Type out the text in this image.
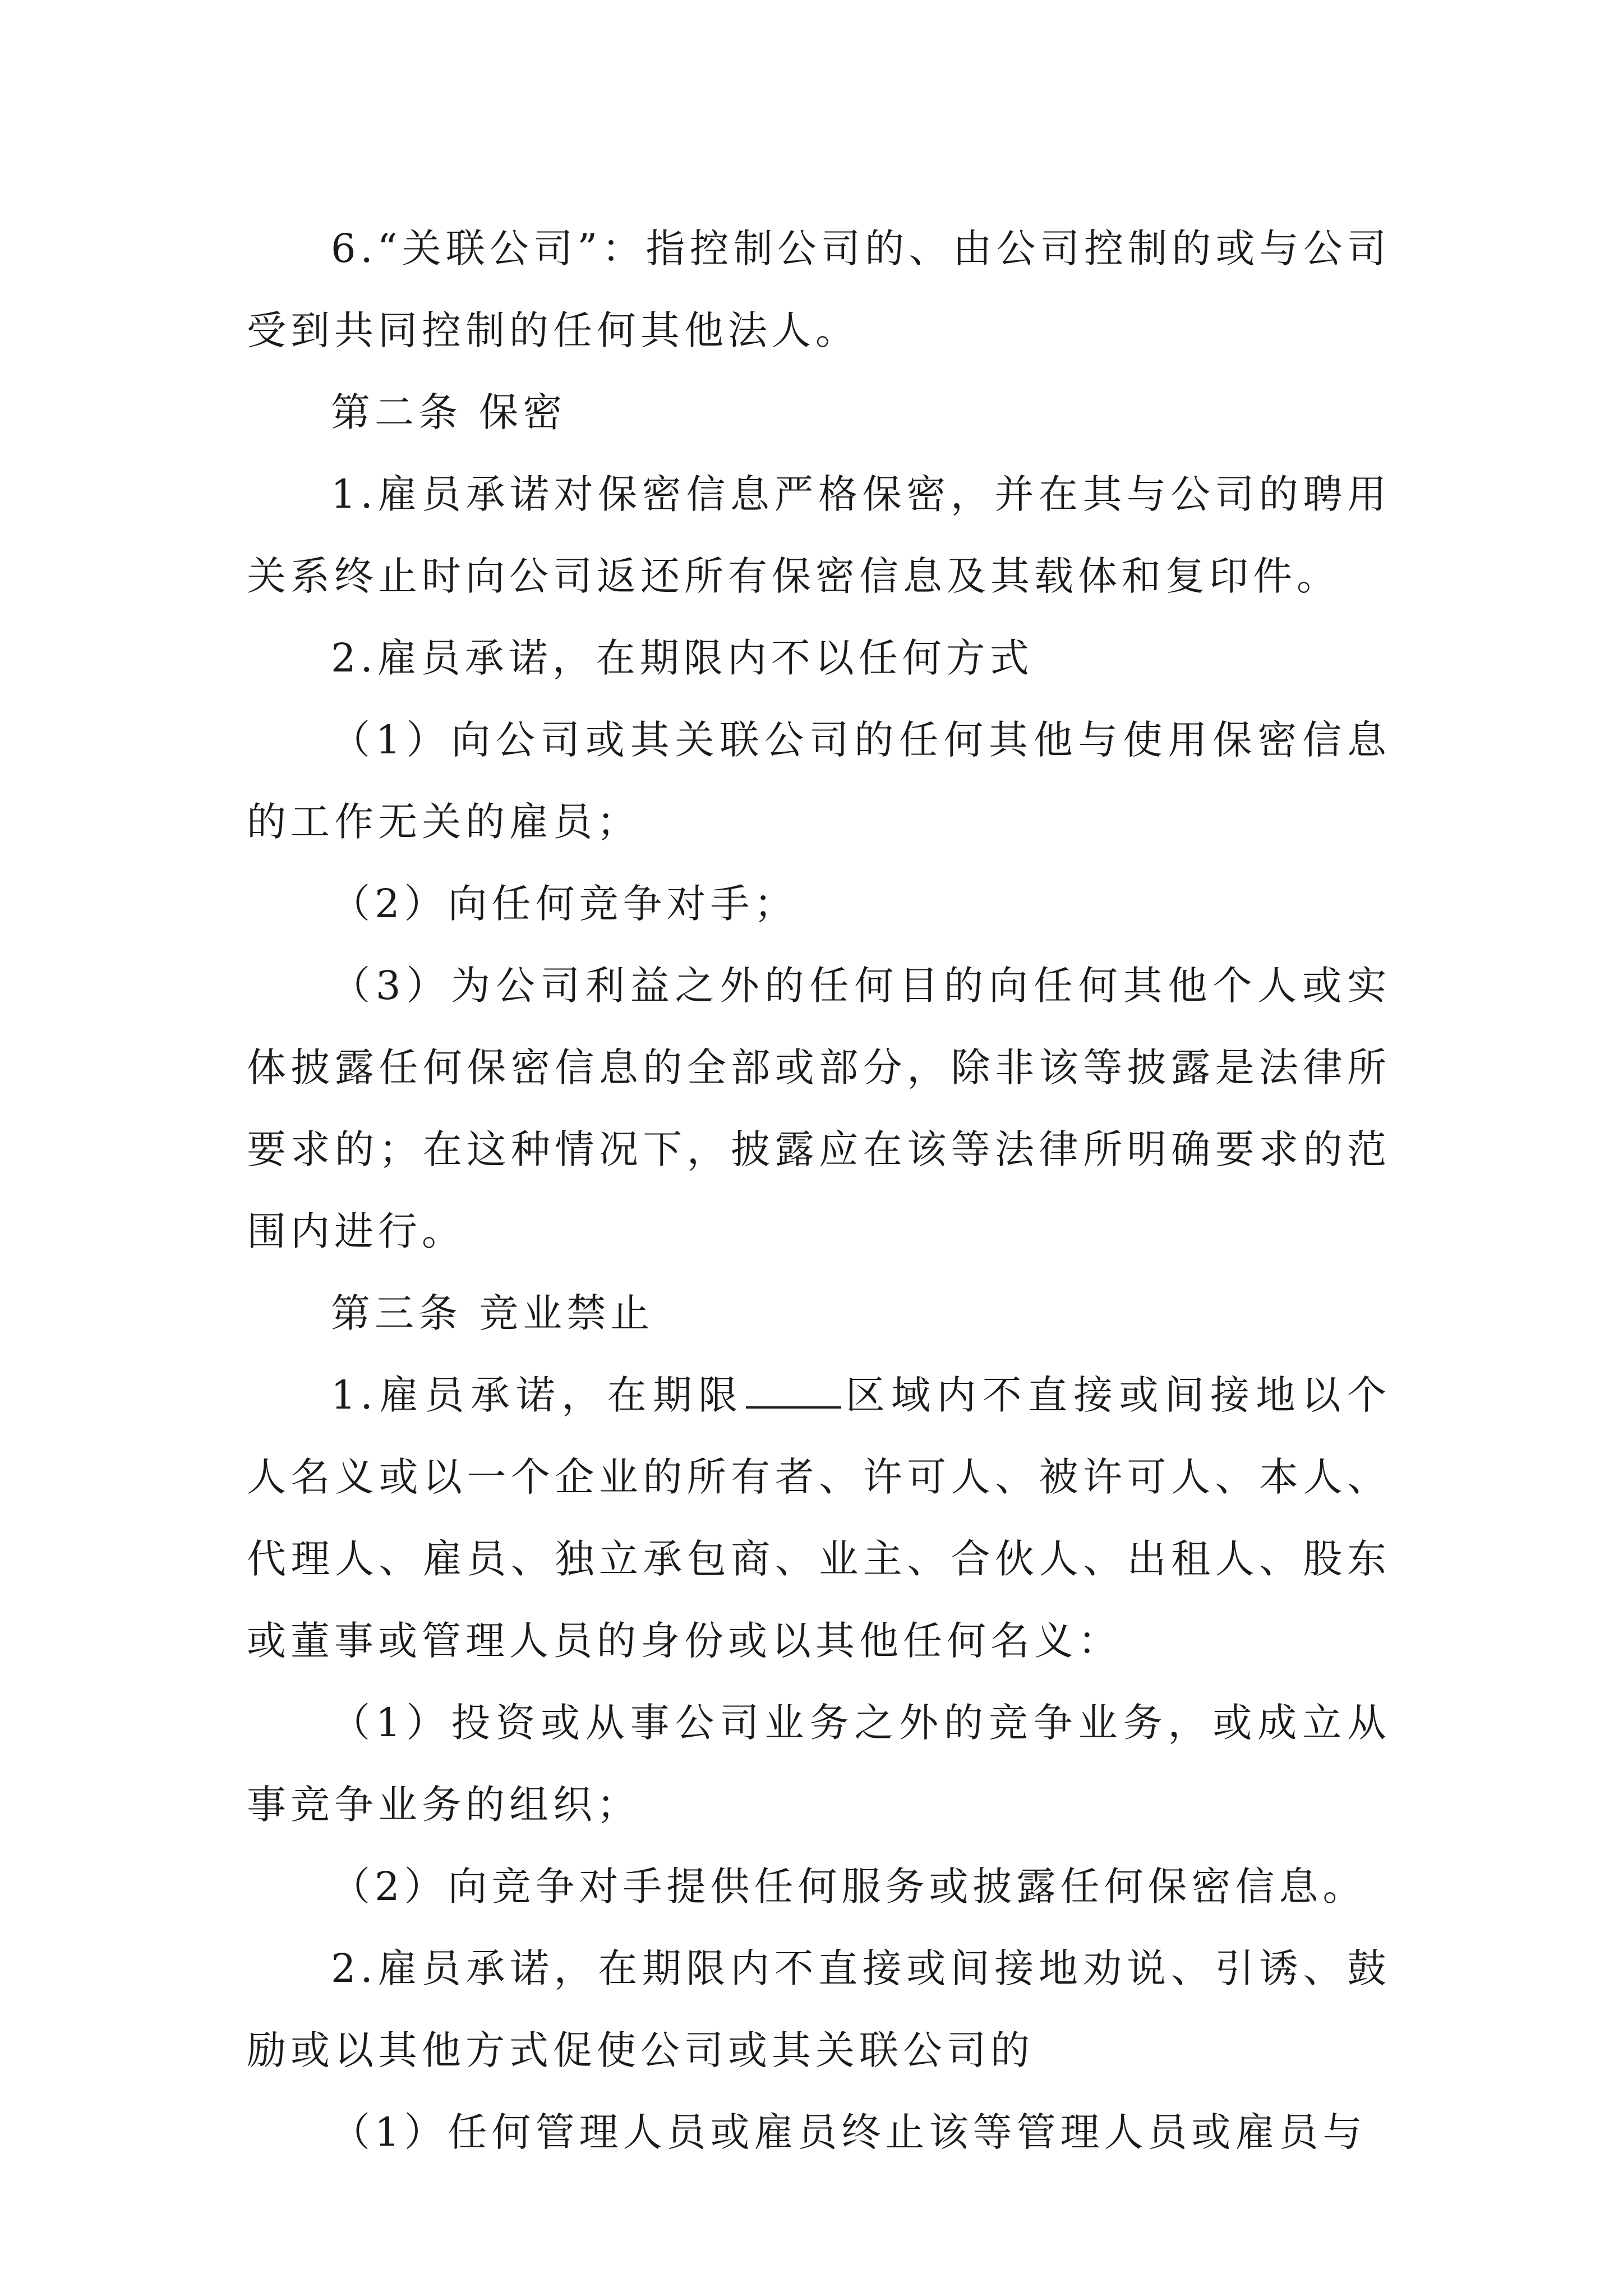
6.“关联公司”：指控制公司的、由公司控制的或与公司受到共同控制的任何其他法人。

第二条 保密

1.雇员承诺对保密信息严格保密，并在其与公司的聘用关系终止时向公司返还所有保密信息及其载体和复印件。

2.雇员承诺，在期限内不以任何方式

（1）向公司或其关联公司的任何其他与使用保密信息的工作无关的雇员；

（2）向任何竞争对手；

（3）为公司利益之外的任何目的向任何其他个人或实体披露任何保密信息的全部或部分，除非该等披露是法律所要求的；在这种情况下，披露应在该等法律所明确要求的范围内进行。

第三条 竞业禁止

1.雇员承诺，在期限	区域内不直接或间接地以个人名义或以一个企业的所有者、许可人、被许可人、本人、代理人、雇员、独立承包商、业主、合伙人、出租人、股东或董事或管理人员的身份或以其他任何名义：

（1）投资或从事公司业务之外的竞争业务，或成立从事竞争业务的组织；

（2）向竞争对手提供任何服务或披露任何保密信息。

2.雇员承诺，在期限内不直接或间接地劝说、引诱、鼓励或以其他方式促使公司或其关联公司的

（1）任何管理人员或雇员终止该等管理人员或雇员与
